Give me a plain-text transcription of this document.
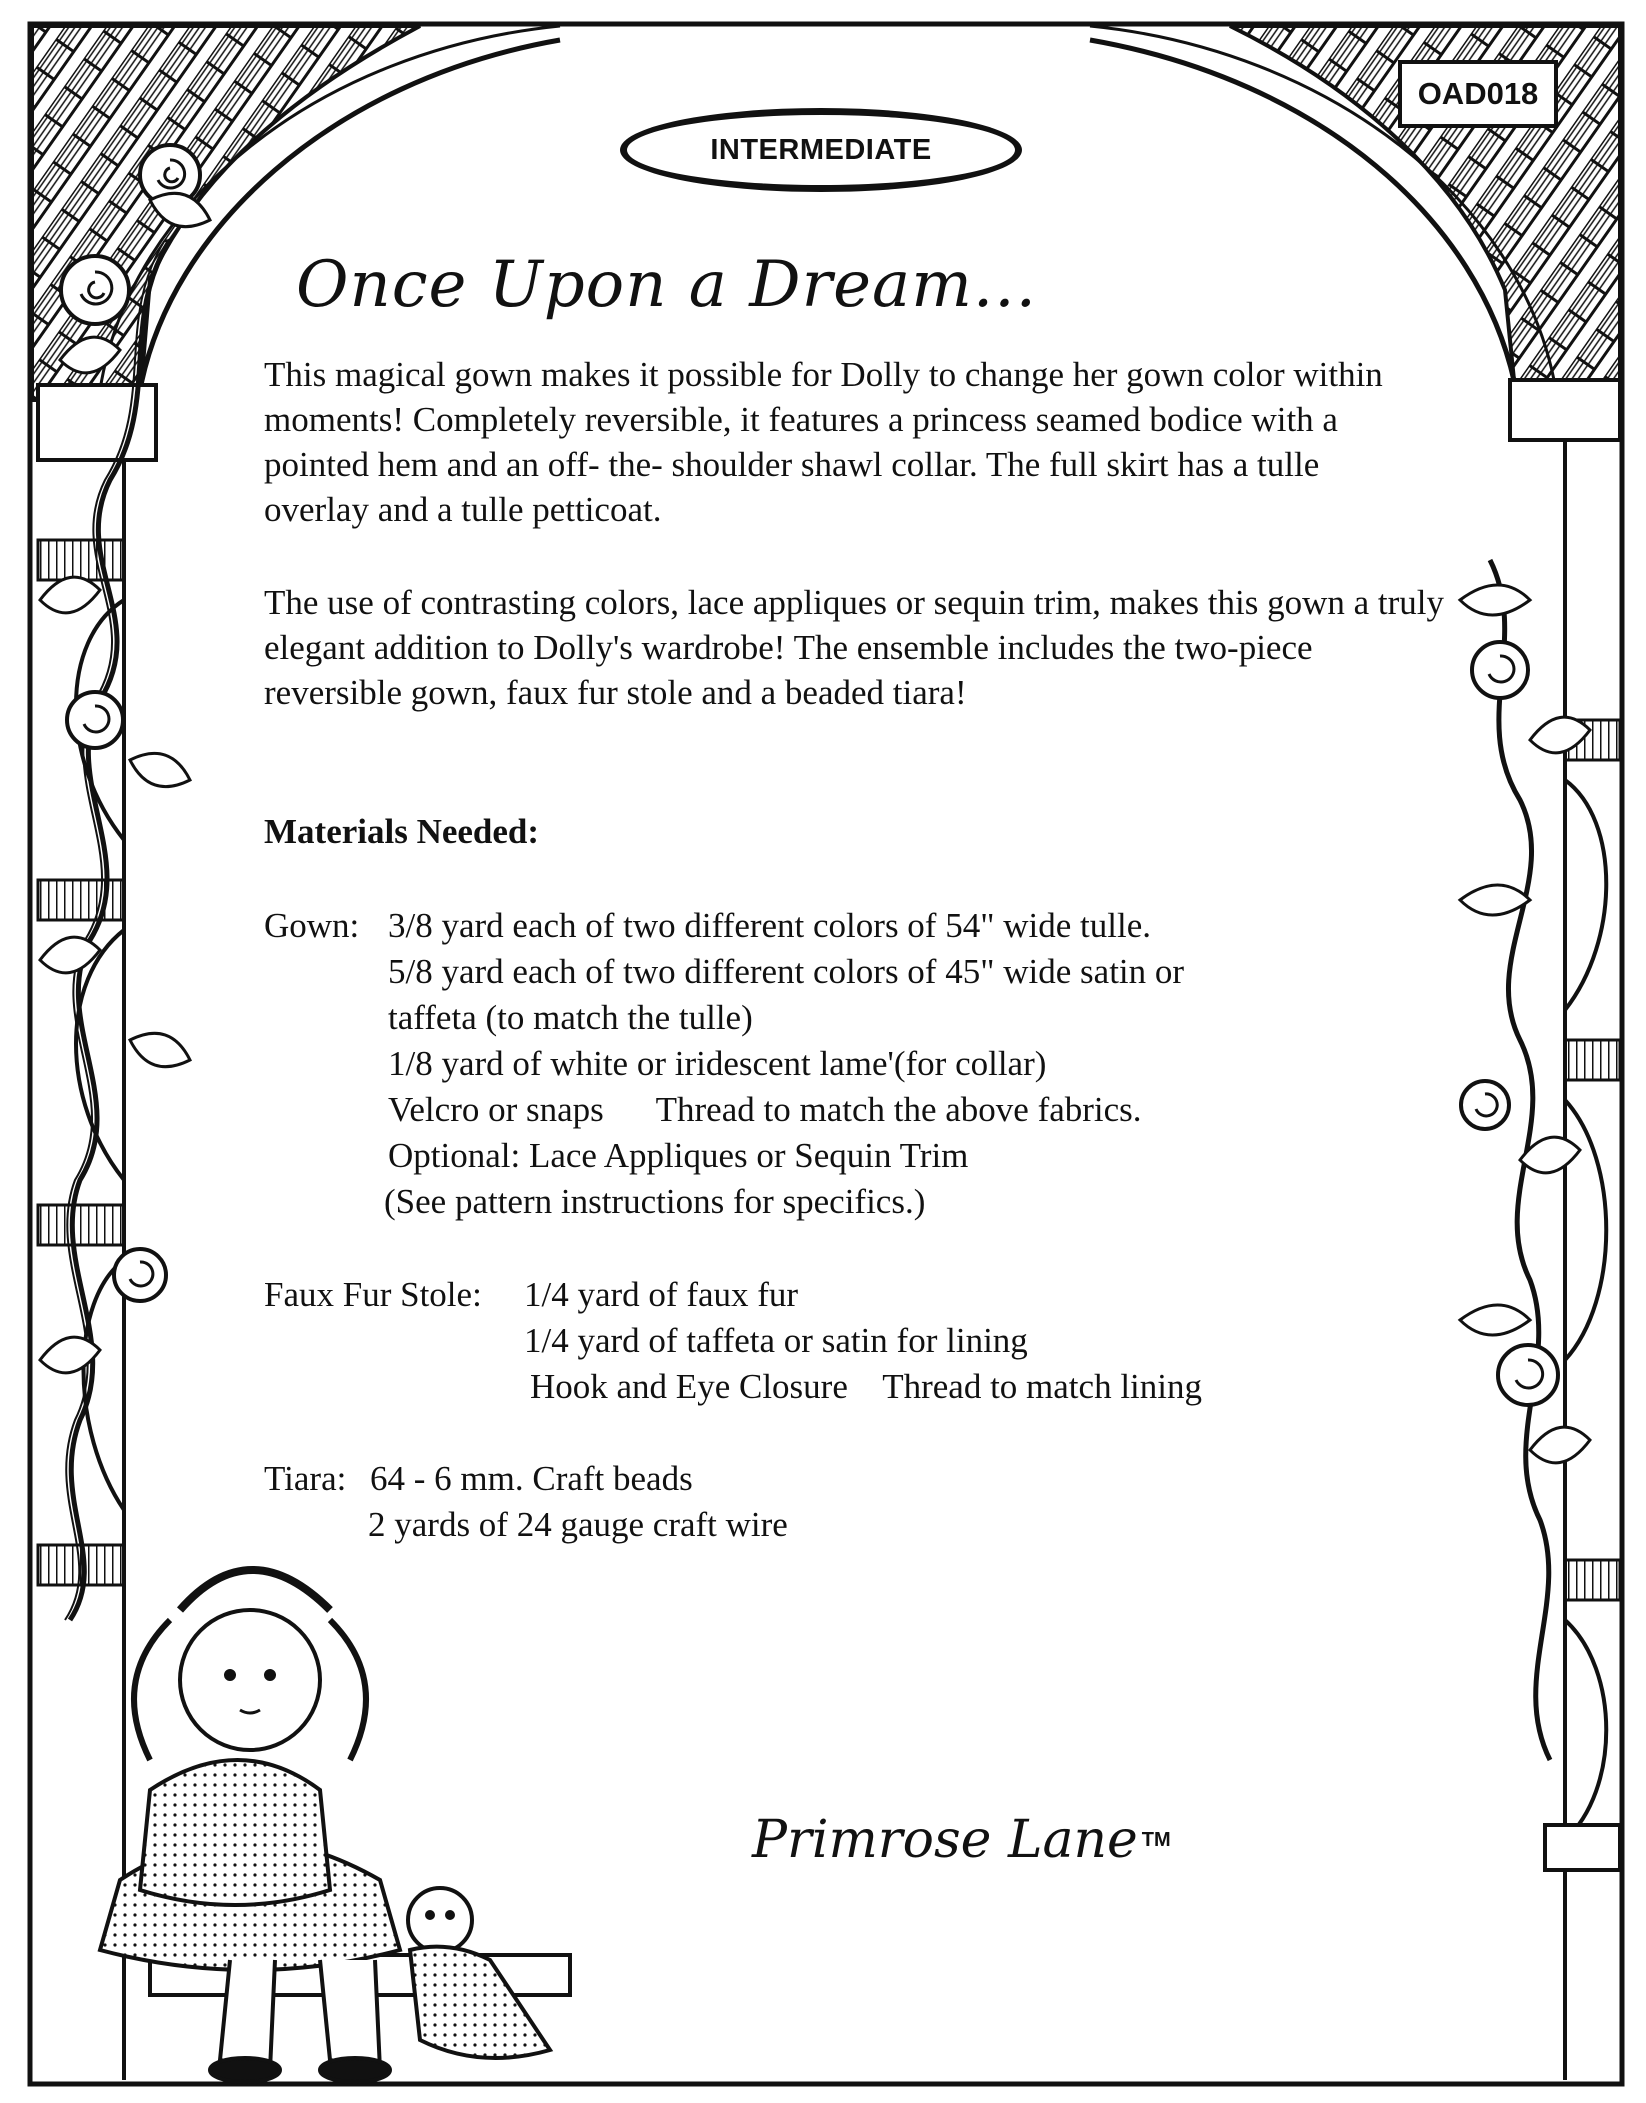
OAD018
INTERMEDIATE
Once Upon a Dream...

This magical gown makes it possible for Dolly to change her gown color within moments! Completely reversible, it features a princess seamed bodice with a pointed hem and an off- the- shoulder shawl collar. The full skirt has a tulle overlay and a tulle petticoat.

The use of contrasting colors, lace appliques or sequin trim, makes this gown a truly elegant addition to Dolly's wardrobe! The ensemble includes the two-piece reversible gown, faux fur stole and a beaded tiara!

Materials Needed:

Gown: 3/8 yard each of two different colors of 54" wide tulle.
5/8 yard each of two different colors of 45" wide satin or
taffeta (to match the tulle)
1/8 yard of white or iridescent lame'(for collar)
Velcro or snaps      Thread to match the above fabrics.
Optional: Lace Appliques or Sequin Trim
(See pattern instructions for specifics.)
Faux Fur Stole: 1/4 yard of faux fur
1/4 yard of taffeta or satin for lining
Hook and Eye Closure    Thread to match lining
Tiara: 64 - 6 mm. Craft beads
2 yards of 24 gauge craft wire
Primrose Lane ™
